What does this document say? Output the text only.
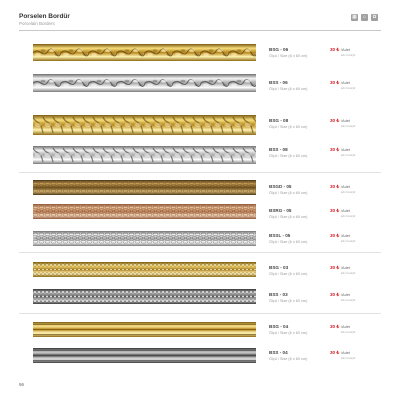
Porselen Bordür
Porcelain Borders
▦	⌂	✿
BSG - 06
Ölçü / Size (6 x 60 cm)
30 ₺ /Adet
kdv hariçtir
BSS - 06
Ölçü / Size (6 x 60 cm)
30 ₺ /Adet
kdv hariçtir
BSG - 08
Ölçü / Size (6 x 60 cm)
30 ₺ /Adet
kdv hariçtir
BSS - 08
Ölçü / Size (6 x 60 cm)
30 ₺ /Adet
kdv hariçtir
BSGD - 05
Ölçü / Size (6 x 60 cm)
30 ₺ /Adet
kdv hariçtir
BSRG - 05
Ölçü / Size (6 x 60 cm)
30 ₺ /Adet
kdv hariçtir
BSSL - 05
Ölçü / Size (6 x 60 cm)
30 ₺ /Adet
kdv hariçtir
BSG - 03
Ölçü / Size (6 x 60 cm)
30 ₺ /Adet
kdv hariçtir
BSS - 03
Ölçü / Size (6 x 60 cm)
30 ₺ /Adet
kdv hariçtir
BSG - 04
Ölçü / Size (6 x 60 cm)
30 ₺ /Adet
kdv hariçtir
BSS - 04
Ölçü / Size (6 x 60 cm)
30 ₺ /Adet
kdv hariçtir
96
